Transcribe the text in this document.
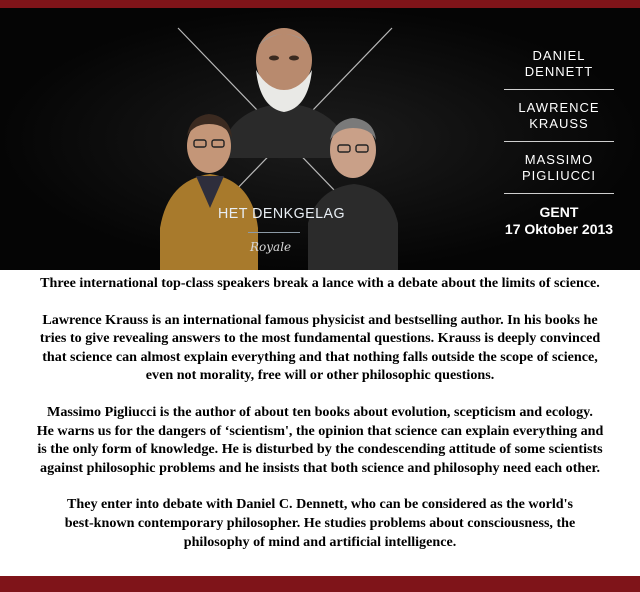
HET DENKGELAG
Royale
DANIEL
DENNETT
LAWRENCE
KRAUSS
MASSIMO
PIGLIUCCI
GENT
17 Oktober 2013

Three international top-class speakers break a lance with a debate about the limits of science.

Lawrence Krauss is an international famous physicist and bestselling author. In his books he
tries to give revealing answers to the most fundamental questions. Krauss is deeply convinced
that science can almost explain everything and that nothing falls outside the scope of science,
even not morality, free will or other philosophic questions.

Massimo Pigliucci is the author of about ten books about evolution, scepticism and ecology.
He warns us for the dangers of ‘scientism', the opinion that science can explain everything and
is the only form of knowledge. He is disturbed by the condescending attitude of some scientists
against philosophic problems and he insists that both science and philosophy need each other.

They enter into debate with Daniel C. Dennett, who can be considered as the world's
best-known contemporary philosopher. He studies problems about consciousness, the
philosophy of mind and artificial intelligence.
